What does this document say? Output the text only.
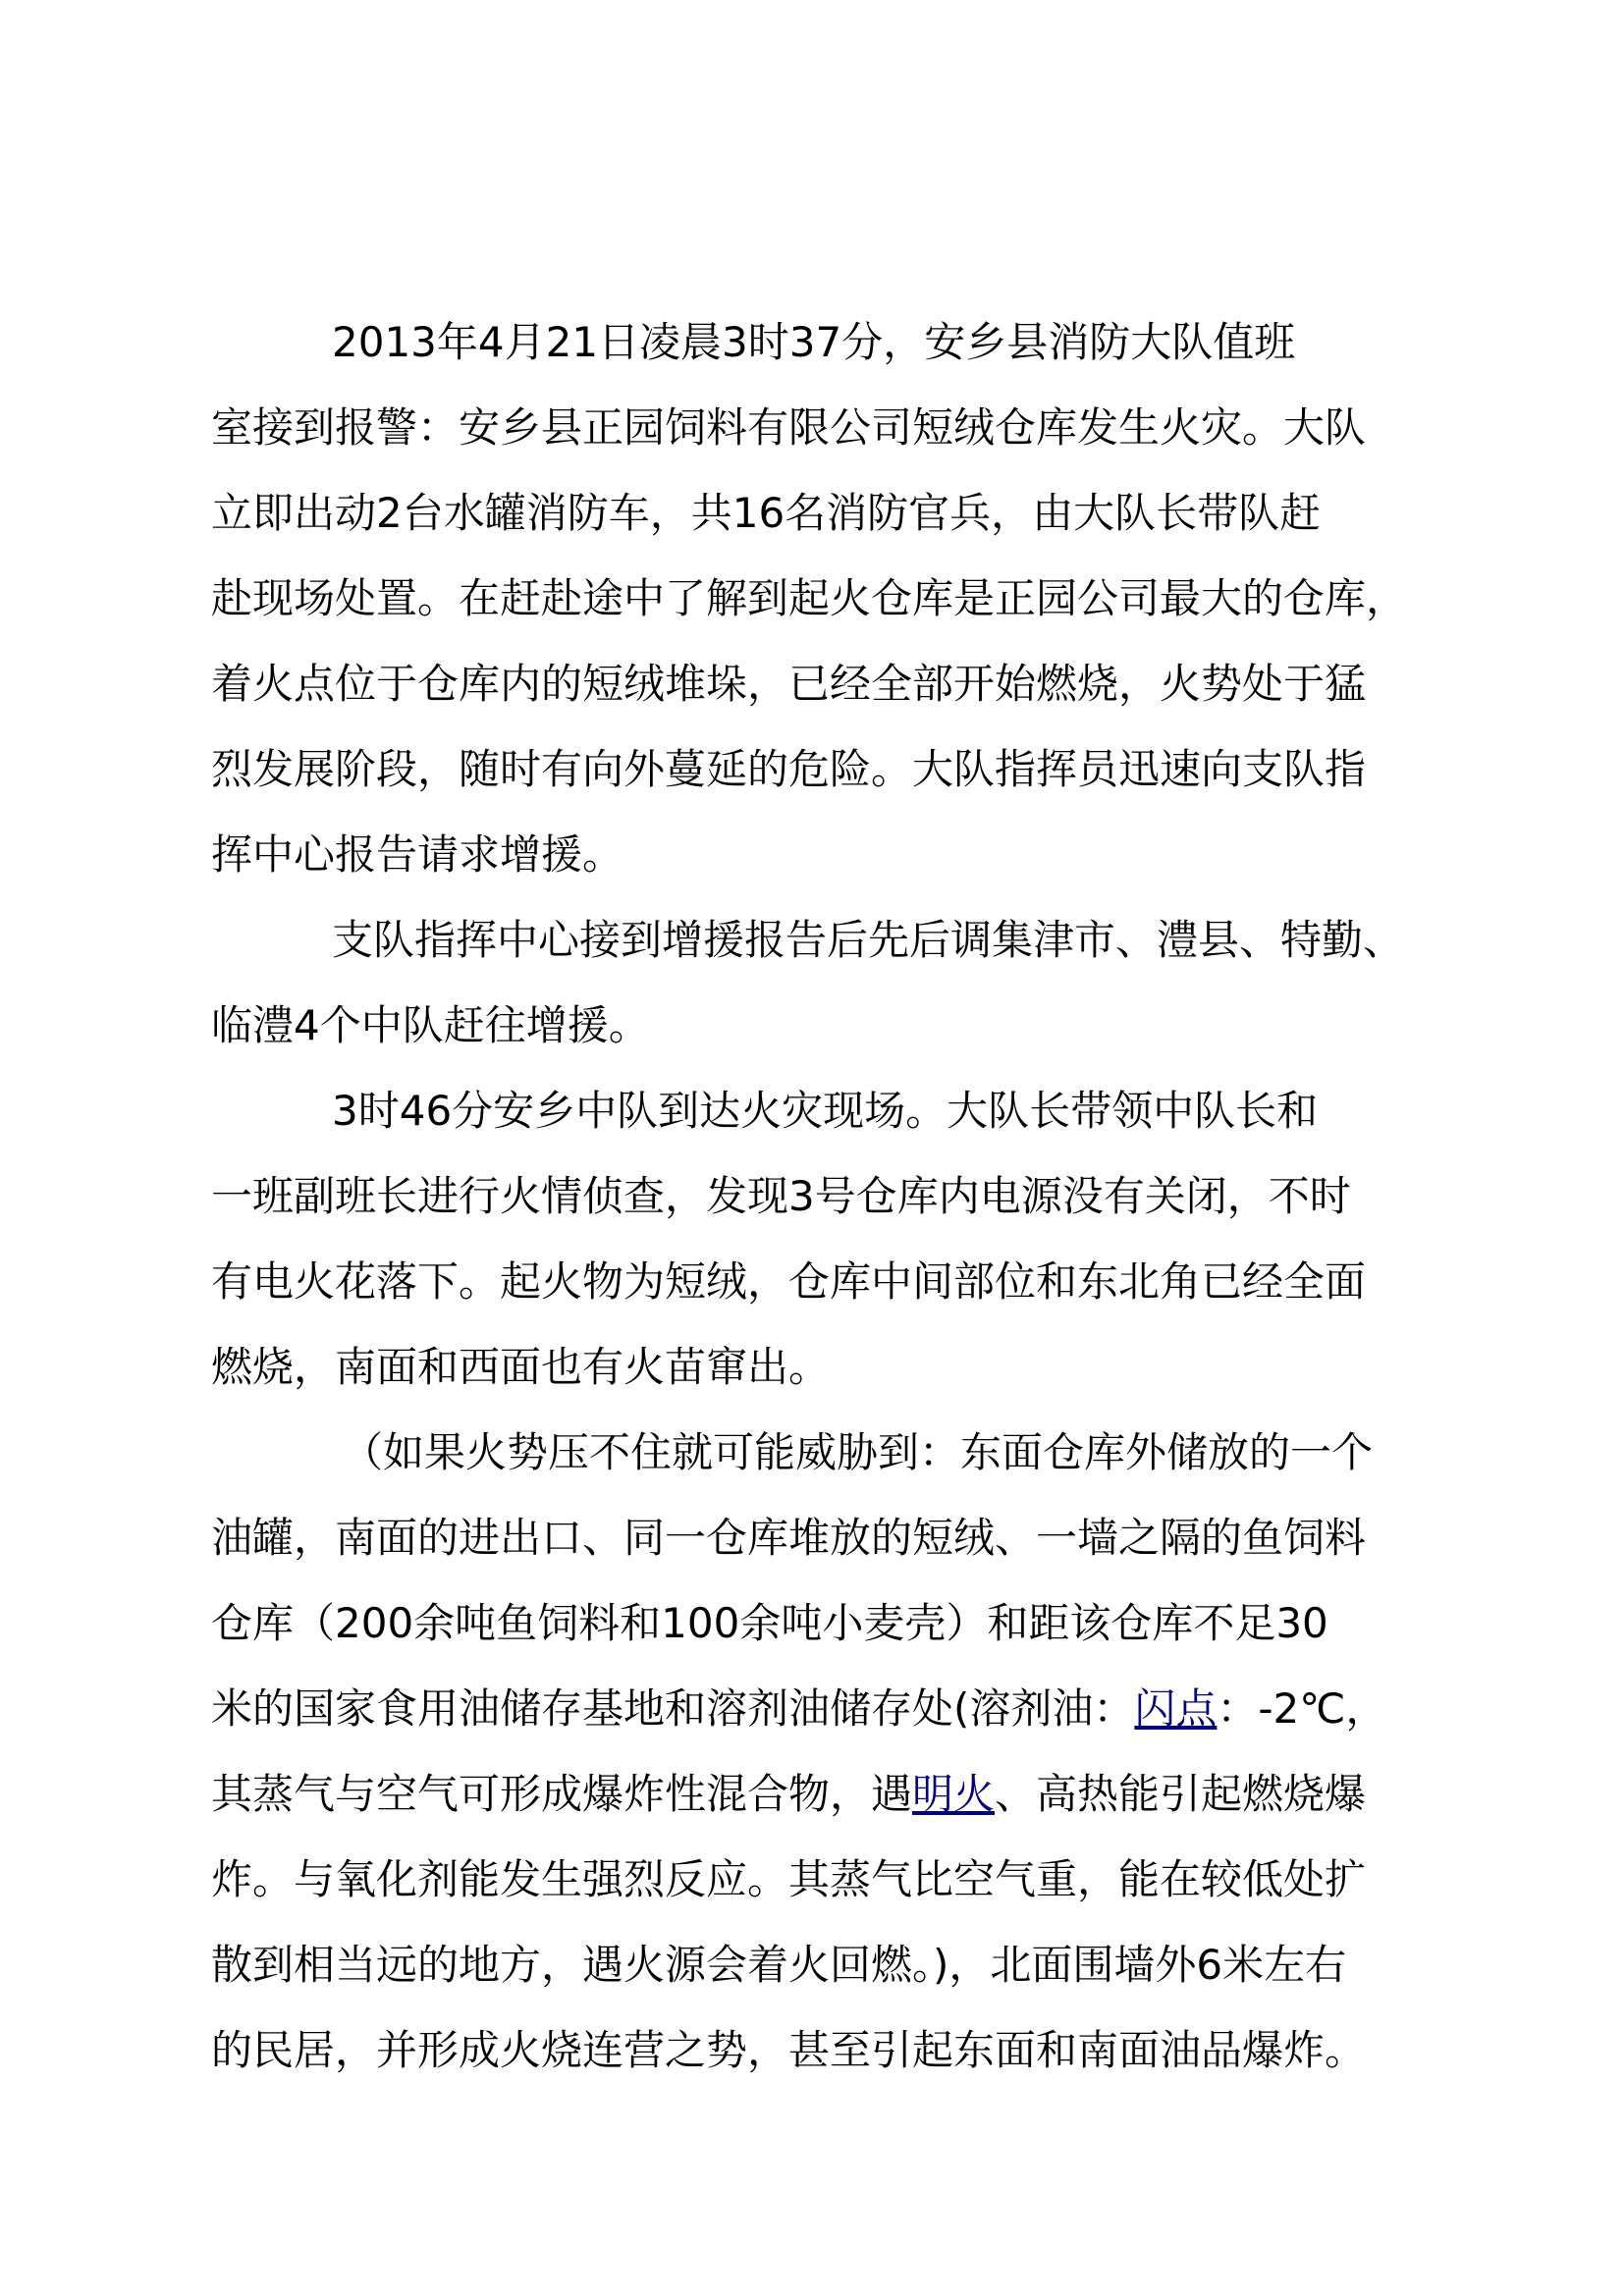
2013年4月21日凌晨3时37分，安乡县消防大队值班
室接到报警：安乡县正园饲料有限公司短绒仓库发生火灾。大队
立即出动2台水罐消防车，共16名消防官兵，由大队长带队赶
赴现场处置。在赶赴途中了解到起火仓库是正园公司最大的仓库，
着火点位于仓库内的短绒堆垛，已经全部开始燃烧，火势处于猛
烈发展阶段，随时有向外蔓延的危险。大队指挥员迅速向支队指
挥中心报告请求增援。
支队指挥中心接到增援报告后先后调集津市、澧县、特勤、
临澧4个中队赶往增援。
3时46分安乡中队到达火灾现场。大队长带领中队长和
一班副班长进行火情侦查，发现3号仓库内电源没有关闭，不时
有电火花落下。起火物为短绒，仓库中间部位和东北角已经全面
燃烧，南面和西面也有火苗窜出。
（如果火势压不住就可能威胁到：东面仓库外储放的一个
油罐，南面的进出口、同一仓库堆放的短绒、一墙之隔的鱼饲料
仓库（200余吨鱼饲料和100余吨小麦壳）和距该仓库不足30
米的国家食用油储存基地和溶剂油储存处(溶剂油：闪点：-2℃，
其蒸气与空气可形成爆炸性混合物，遇明火、高热能引起燃烧爆
炸。与氧化剂能发生强烈反应。其蒸气比空气重，能在较低处扩
散到相当远的地方，遇火源会着火回燃。)，北面围墙外6米左右
的民居，并形成火烧连营之势，甚至引起东面和南面油品爆炸。
